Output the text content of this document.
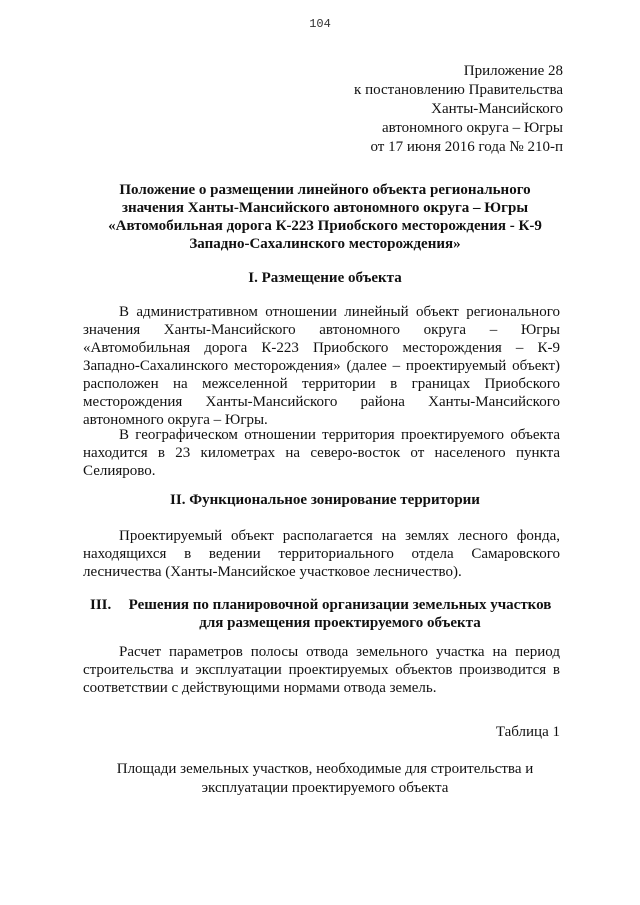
104
Приложение 28
к постановлению Правительства
Ханты-Мансийского
автономного округа – Югры
от 17 июня 2016 года № 210-п
Положение о размещении линейного объекта регионального
значения Ханты-Мансийского автономного округа – Югры
«Автомобильная дорога К-223 Приобского месторождения - К-9
Западно-Сахалинского месторождения»
I. Размещение объекта
В административном отношении линейный объект регионального
значения Ханты-Мансийского автономного округа – Югры
«Автомобильная дорога К-223 Приобского месторождения – К-9
Западно-Сахалинского месторождения» (далее – проектируемый объект)
расположен на межселенной территории в границах Приобского
месторождения Ханты-Мансийского района Ханты-Мансийского
автономного округа – Югры.
В географическом отношении территория проектируемого объекта
находится в 23 километрах на северо-восток от населеного пункта
Селиярово.
II. Функциональное зонирование территории
Проектируемый объект располагается на землях лесного фонда,
находящихся в ведении территориального отдела Самаровского
лесничества (Ханты-Мансийское участковое лесничество).
III.	Решения по планировочной организации земельных участков
для размещения проектируемого объекта
Расчет параметров полосы отвода земельного участка на период
строительства и эксплуатации проектируемых объектов производится в
соответствии с действующими нормами отвода земель.
Таблица 1
Площади земельных участков, необходимые для строительства и
эксплуатации проектируемого объекта
